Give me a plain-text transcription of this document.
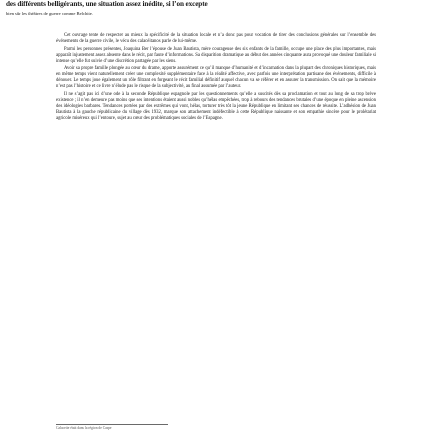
des différents belligérants, une situation assez inédite, si l’on excepte
bien sûr les théâtres de guerre comme Belchite.

Cet ouvrage tente de respecter au mieux la spécificité de la situation locale et n’a donc pas pour vocation de tirer des conclusions générales sur l’ensemble des événements de la guerre civile, le vécu des calacéitanos parle de lui-même.

Parmi les personnes présentes, Joaquina Ber l’épouse de Juan Bautista, mère courageuse des six enfants de la famille, occupe une place des plus importantes, mais apparaît injustement assez absente dans le récit, par faute d’informations. Sa disparition dramatique au début des années cinquante aura provoqué une douleur familiale si intense qu’elle fut suivie d’une discrétion partagée par les siens.

Avoir sa propre famille plongée au cœur du drame, apporte assurément ce qu’il manque d’humanité et d’incarnation dans la plupart des chroniques historiques, mais en même temps vient naturellement créer une complexité supplémentaire face à la réalité affective, avec parfois une interprétation partisane des événements, difficile à dénouer. Le temps joue également un rôle filtrant en forgeant le récit familial définitif auquel chacun va se référer et en assurer la transmission. On sait que la mémoire n’est pas l’histoire et ce livre n’élude pas le risque de la subjectivité, au final assumée par l’auteur.

Il ne s’agit pas ici d’une ode à la seconde République espagnole par les questionnements qu’elle a suscités dès sa proclamation et tout au long de sa trop brève existence ; il n’en demeure pas moins que ses intentions étaient aussi nobles qu’hélas empêchées, trop à rebours des tendances brutales d’une époque en pleine ascension des idéologies barbares. Tendances portées par des extrêmes qui vont, hélas, torturer très tôt la jeune République en limitant ses chances de réussite. L’adhésion de Juan Bautista à la gauche républicaine du village dès 1932, marque son attachement indéfectible à cette République naissante et son empathie sincère pour le prolétariat agricole miséreux qui l’entoure, sujet au cœur des problématiques sociales de l’Espagne.

Calaceite était dans la région de Caspe
